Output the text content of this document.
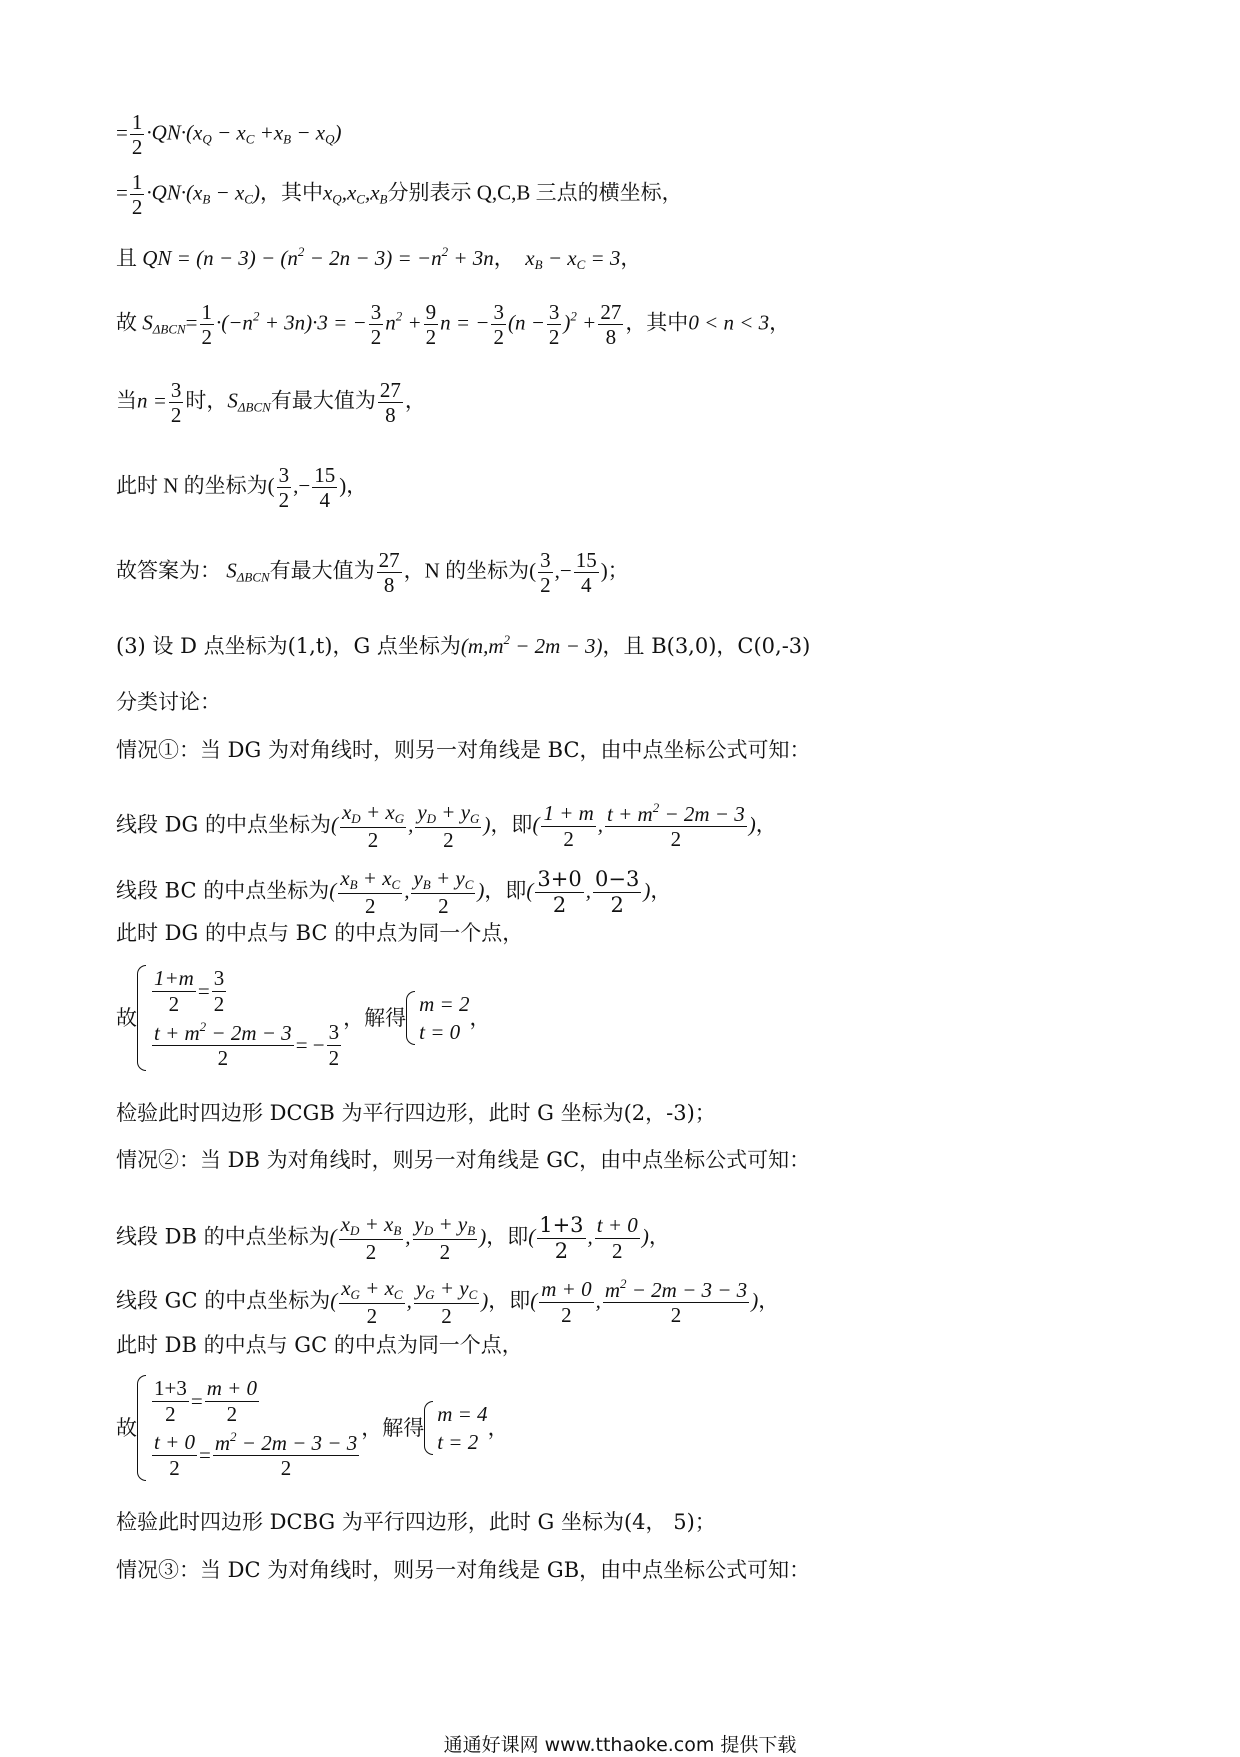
= $\frac{1}{2} \cdot QN\cdot(x_Q - x_C +x_B - x_Q)$
= $\frac{1}{2} \cdot QN\cdot(x_B - x_C)$，其中$x_Q,x_C,x_B$分别表示 Q,C,B 三点的横坐标，
且 QN = $(n - 3) - (n^2 - 2n - 3) = -n^2 + 3n$，  $x_B - x_C = 3$，
故 $S_{\Delta BCN}= \frac{1}{2} \cdot(-n^2 + 3n)\cdot 3$ = − $\frac{3}{2} n^2 + \frac{9}{2}$ n = − $\frac{3}{2} (n - \frac{3}{2} )^2 + \frac{27}{8}$ ，其中0 < n < 3，
当$n = \frac{3}{2}$ 时，$S_{\Delta BCN}$有最大值为 $\frac{27}{8}$ ，
此时 N 的坐标为( $\frac{3}{2}$ ,− $\frac{15}{4}$ )，
故答案为： $S_{\Delta BCN}$有最大值为 $\frac{27}{8}$ ，N 的坐标为( $\frac{3}{2}$ ,− $\frac{15}{4}$ )；
(3) 设 D 点坐标为(1,t)，G 点坐标为$(m,m^2 - 2m - 3)$，且 B(3,0)，C(0,-3)
分类讨论：
情况①：当 DG 为对角线时，则另一对角线是 BC，由中点坐标公式可知：
线段 DG 的中点坐标为( $\frac{x_D + x_G}{2}$ , $\frac{y_D + y_G}{2}$ )，即( $\frac{1 + m}{2}$ , $\frac{t + m^2 - 2m - 3}{2}$ )，
线段 BC 的中点坐标为( $\frac{x_B + x_C}{2}$ , $\frac{y_B + y_C}{2}$ )，即( $\frac{3+0}{2}$ , $\frac{0-3}{2}$ )，
此时 DG 的中点与 BC 的中点为同一个点，
故
$\frac{1+m}{2} = \frac{3}{2}$
$\frac{t + m^2 - 2m - 3}{2}$ = − $\frac{3}{2}$
，解得
m = 2
t = 0
，
检验此时四边形 DCGB 为平行四边形，此时 G 坐标为(2，-3)；
情况②：当 DB 为对角线时，则另一对角线是 GC，由中点坐标公式可知：
线段 DB 的中点坐标为( $\frac{x_D + x_B}{2}$ , $\frac{y_D + y_B}{2}$ )，即( $\frac{1+3}{2}$ , $\frac{t + 0}{2}$ )，
线段 GC 的中点坐标为( $\frac{x_G + x_C}{2}$ , $\frac{y_G + y_C}{2}$ )，即( $\frac{m + 0}{2}$ , $\frac{m^2 - 2m - 3 - 3}{2}$ )，
此时 DB 的中点与 GC 的中点为同一个点，
故
$\frac{1+3}{2} = \frac{m + 0}{2}$
$\frac{t + 0}{2} = \frac{m^2 - 2m - 3 - 3}{2}$
，解得
m = 4
t = 2
，
检验此时四边形 DCBG 为平行四边形，此时 G 坐标为(4， 5)；
情况③：当 DC 为对角线时，则另一对角线是 GB，由中点坐标公式可知：
通通好课网 www.tthaoke.com 提供下载
